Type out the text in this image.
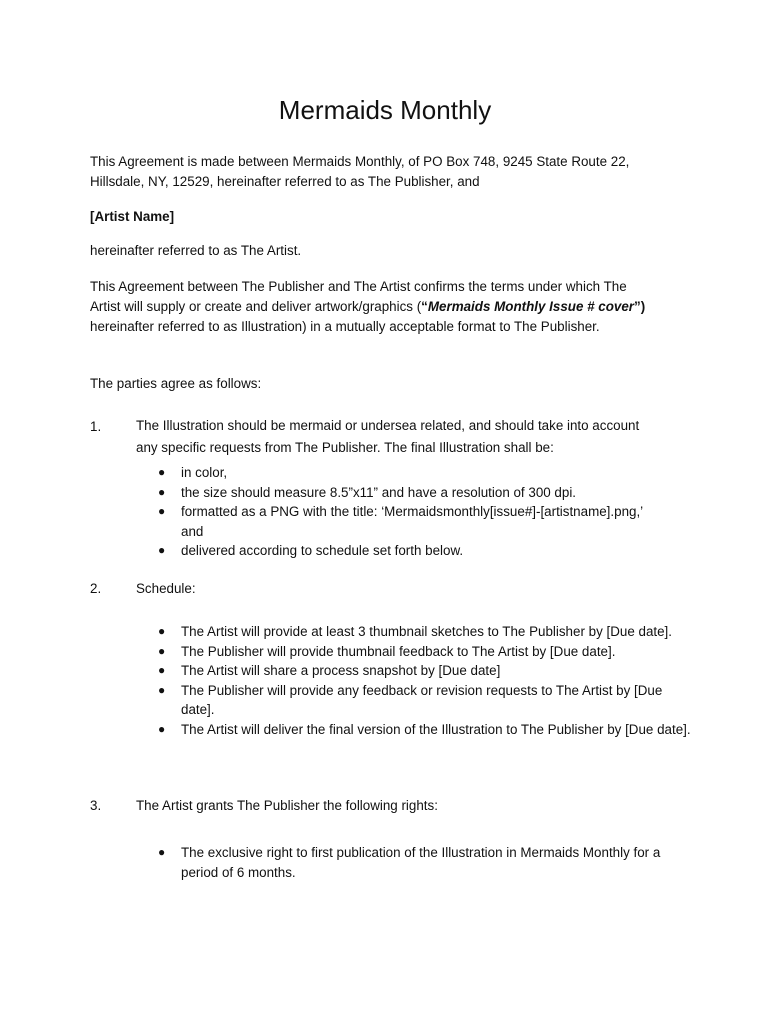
Mermaids Monthly

This Agreement is made between Mermaids Monthly, of PO Box 748, 9245 State Route 22,
Hillsdale, NY, 12529, hereinafter referred to as The Publisher, and

[Artist Name]

hereinafter referred to as The Artist.

This Agreement between The Publisher and The Artist confirms the terms under which The
Artist will supply or create and deliver artwork/graphics (“Mermaids Monthly Issue # cover”)
hereinafter referred to as Illustration) in a mutually acceptable format to The Publisher.

The parties agree as follows:

1.	The Illustration should be mermaid or undersea related, and should take into account
any specific requests from The Publisher. The final Illustration shall be:
● in color,
● the size should measure 8.5”x11” and have a resolution of 300 dpi.
● formatted as a PNG with the title: ‘Mermaidsmonthly[issue#]-[artistname].png,’ and
● delivered according to schedule set forth below.
2.	Schedule:
● The Artist will provide at least 3 thumbnail sketches to The Publisher by [Due date].
● The Publisher will provide thumbnail feedback to The Artist by [Due date].
● The Artist will share a process snapshot by [Due date]
● The Publisher will provide any feedback or revision requests to The Artist by [Due date].
● The Artist will deliver the final version of the Illustration to The Publisher by [Due date].
3.	The Artist grants The Publisher the following rights:
● The exclusive right to first publication of the Illustration in Mermaids Monthly for a period of 6 months.
